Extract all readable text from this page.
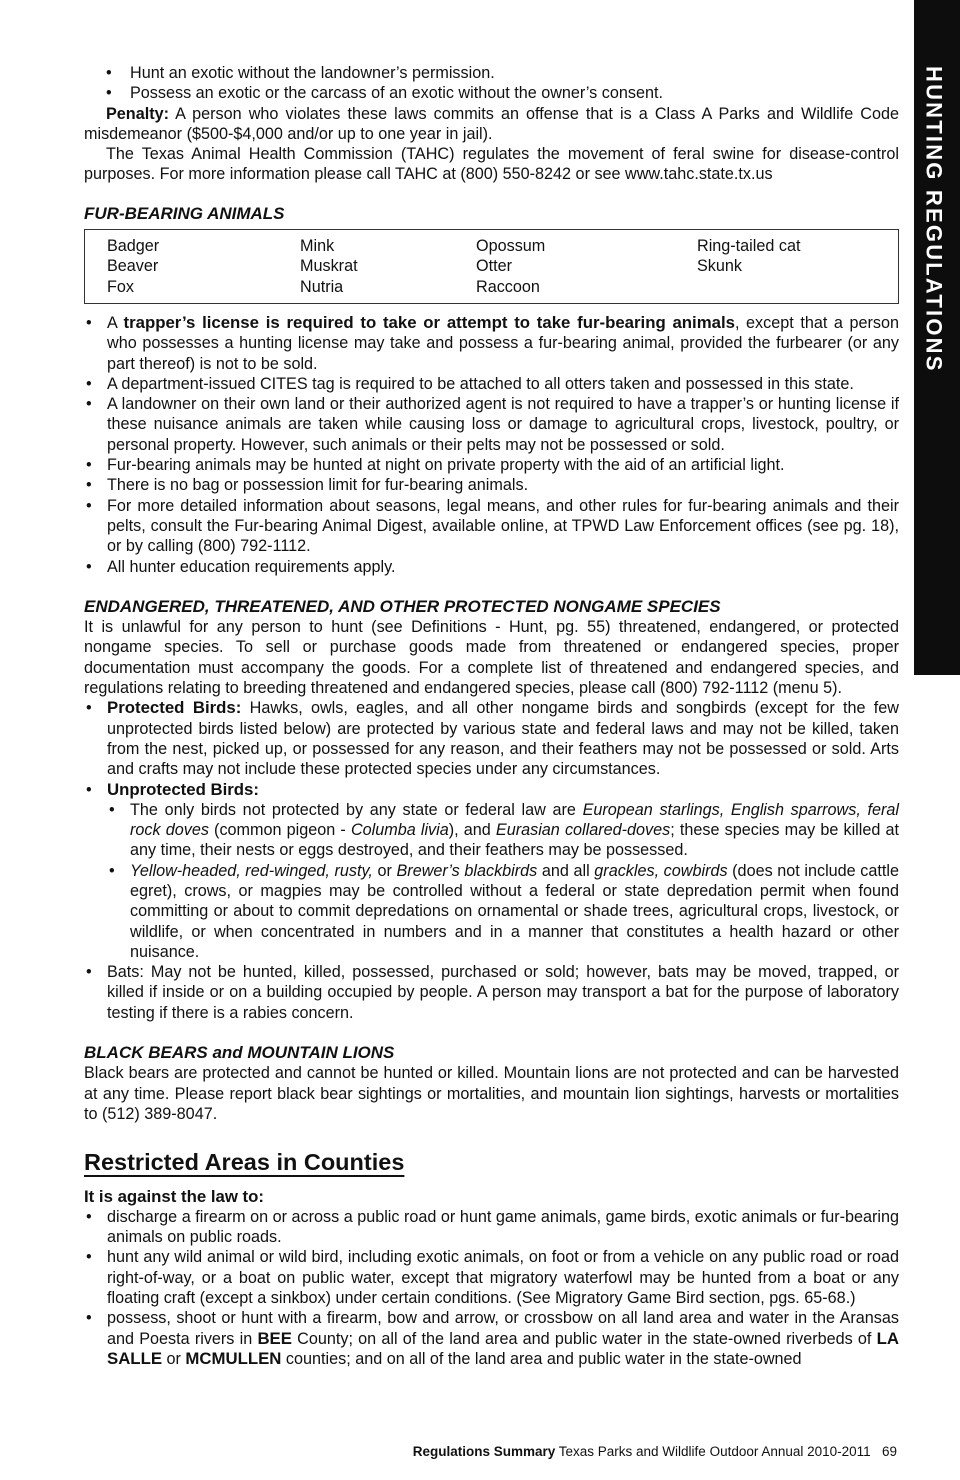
HUNTING REGULATIONS
• Hunt an exotic without the landowner’s permission.
• Possess an exotic or the carcass of an exotic without the owner’s consent.

Penalty: A person who violates these laws commits an offense that is a Class A Parks and Wildlife Code misdemeanor ($500-$4,000 and/or up to one year in jail).

The Texas Animal Health Commission (TAHC) regulates the movement of feral swine for disease-control purposes. For more information please call TAHC at (800) 550-8242 or see www.tahc.state.tx.us

FUR-BEARING ANIMALS

Badger	Mink	Opossum	Ring-tailed cat
Beaver	Muskrat	Otter	Skunk
Fox	Nutria	Raccoon
• A trapper’s license is required to take or attempt to take fur-bearing animals, except that a person who possesses a hunting license may take and possess a fur-bearing animal, provided the furbearer (or any part thereof) is not to be sold.
• A department-issued CITES tag is required to be attached to all otters taken and possessed in this state.
• A landowner on their own land or their authorized agent is not required to have a trapper’s or hunting license if these nuisance animals are taken while causing loss or damage to agricultural crops, livestock, poultry, or personal property. However, such animals or their pelts may not be possessed or sold.
• Fur-bearing animals may be hunted at night on private property with the aid of an artificial light.
• There is no bag or possession limit for fur-bearing animals.
• For more detailed information about seasons, legal means, and other rules for fur-bearing animals and their pelts, consult the Fur-bearing Animal Digest, available online, at TPWD Law Enforcement offices (see pg. 18), or by calling (800) 792-1112.
• All hunter education requirements apply.

ENDANGERED, THREATENED, AND OTHER PROTECTED NONGAME SPECIES

It is unlawful for any person to hunt (see Definitions - Hunt, pg. 55) threatened, endangered, or protected nongame species. To sell or purchase goods made from threatened or endangered species, proper documentation must accompany the goods. For a complete list of threatened and endangered species, and regulations relating to breeding threatened and endangered species, please call (800) 792-1112 (menu 5).

• Protected Birds: Hawks, owls, eagles, and all other nongame birds and songbirds (except for the few unprotected birds listed below) are protected by various state and federal laws and may not be killed, taken from the nest, picked up, or possessed for any reason, and their feathers may not be possessed or sold. Arts and crafts may not include these protected species under any circumstances.
• Unprotected Birds:
• The only birds not protected by any state or federal law are European starlings, English sparrows, feral rock doves (common pigeon - Columba livia), and Eurasian collared-doves; these species may be killed at any time, their nests or eggs destroyed, and their feathers may be possessed.
• Yellow-headed, red-winged, rusty, or Brewer’s blackbirds and all grackles, cowbirds (does not include cattle egret), crows, or magpies may be controlled without a federal or state depredation permit when found committing or about to commit depredations on ornamental or shade trees, agricultural crops, livestock, or wildlife, or when concentrated in numbers and in a manner that constitutes a health hazard or other nuisance.
• Bats: May not be hunted, killed, possessed, purchased or sold; however, bats may be moved, trapped, or killed if inside or on a building occupied by people. A person may transport a bat for the purpose of laboratory testing if there is a rabies concern.

BLACK BEARS and MOUNTAIN LIONS

Black bears are protected and cannot be hunted or killed. Mountain lions are not protected and can be harvested at any time. Please report black bear sightings or mortalities, and mountain lion sightings, harvests or mortalities to (512) 389-8047.

Restricted Areas in Counties

It is against the law to:

• discharge a firearm on or across a public road or hunt game animals, game birds, exotic animals or fur-bearing animals on public roads.
• hunt any wild animal or wild bird, including exotic animals, on foot or from a vehicle on any public road or road right-of-way, or a boat on public water, except that migratory waterfowl may be hunted from a boat or any floating craft (except a sinkbox) under certain conditions. (See Migratory Game Bird section, pgs. 65-68.)
• possess, shoot or hunt with a firearm, bow and arrow, or crossbow on all land area and water in the Aransas and Poesta rivers in BEE County; on all of the land area and public water in the state-owned riverbeds of LA SALLE or MCMULLEN counties; and on all of the land area and public water in the state-owned
Regulations Summary Texas Parks and Wildlife Outdoor Annual 2010-2011 69
